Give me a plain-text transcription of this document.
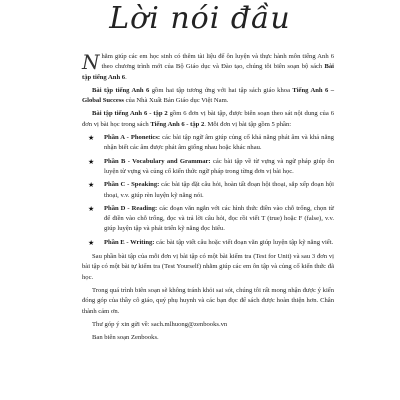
Lời nói đầu

Nhằm giúp các em học sinh có thêm tài liệu để ôn luyện và thực hành môn tiếng Anh 6 theo chương trình mới của Bộ Giáo dục và Đào tạo, chúng tôi biên soạn bộ sách Bài tập tiếng Anh 6.

Bài tập tiếng Anh 6 gồm hai tập tương ứng với hai tập sách giáo khoa Tiếng Anh 6 – Global Success của Nhà Xuất Bản Giáo dục Việt Nam.

Bài tập tiếng Anh 6 - tập 2 gồm 6 đơn vị bài tập, được biên soạn theo sát nội dung của 6 đơn vị bài học trong sách Tiếng Anh 6 - tập 2. Mỗi đơn vị bài tập gồm 5 phần:

★ Phần A - Phonetics: các bài tập ngữ âm giúp củng cố khả năng phát âm và khả năng nhận biết các âm được phát âm giống nhau hoặc khác nhau.
★ Phần B - Vocabulary and Grammar: các bài tập về từ vựng và ngữ pháp giúp ôn luyện từ vựng và củng cố kiến thức ngữ pháp trong từng đơn vị bài học.
★ Phần C - Speaking: các bài tập đặt câu hỏi, hoàn tất đoạn hội thoại, sắp xếp đoạn hội thoại, v.v. giúp rèn luyện kỹ năng nói.
★ Phần D - Reading: các đoạn văn ngắn với các hình thức điền vào chỗ trống, chọn từ để điền vào chỗ trống, đọc và trả lời câu hỏi, đọc rồi viết T (true) hoặc F (false), v.v. giúp luyện tập và phát triển kỹ năng đọc hiểu.
★ Phần E - Writing: các bài tập viết câu hoặc viết đoạn văn giúp luyện tập kỹ năng viết.

Sau phần bài tập của mỗi đơn vị bài tập có một bài kiểm tra (Test for Unit) và sau 3 đơn vị bài tập có một bài tự kiểm tra (Test Yourself) nhằm giúp các em ôn tập và củng cố kiến thức đã học.

Trong quá trình biên soạn sẽ không tránh khỏi sai sót, chúng tôi rất mong nhận được ý kiến đóng góp của thầy cô giáo, quý phụ huynh và các bạn đọc để sách được hoàn thiện hơn. Chân thành cảm ơn.

Thư góp ý xin gửi về: sach.mlhuong@zenbooks.vn

Ban biên soạn Zenbooks.
